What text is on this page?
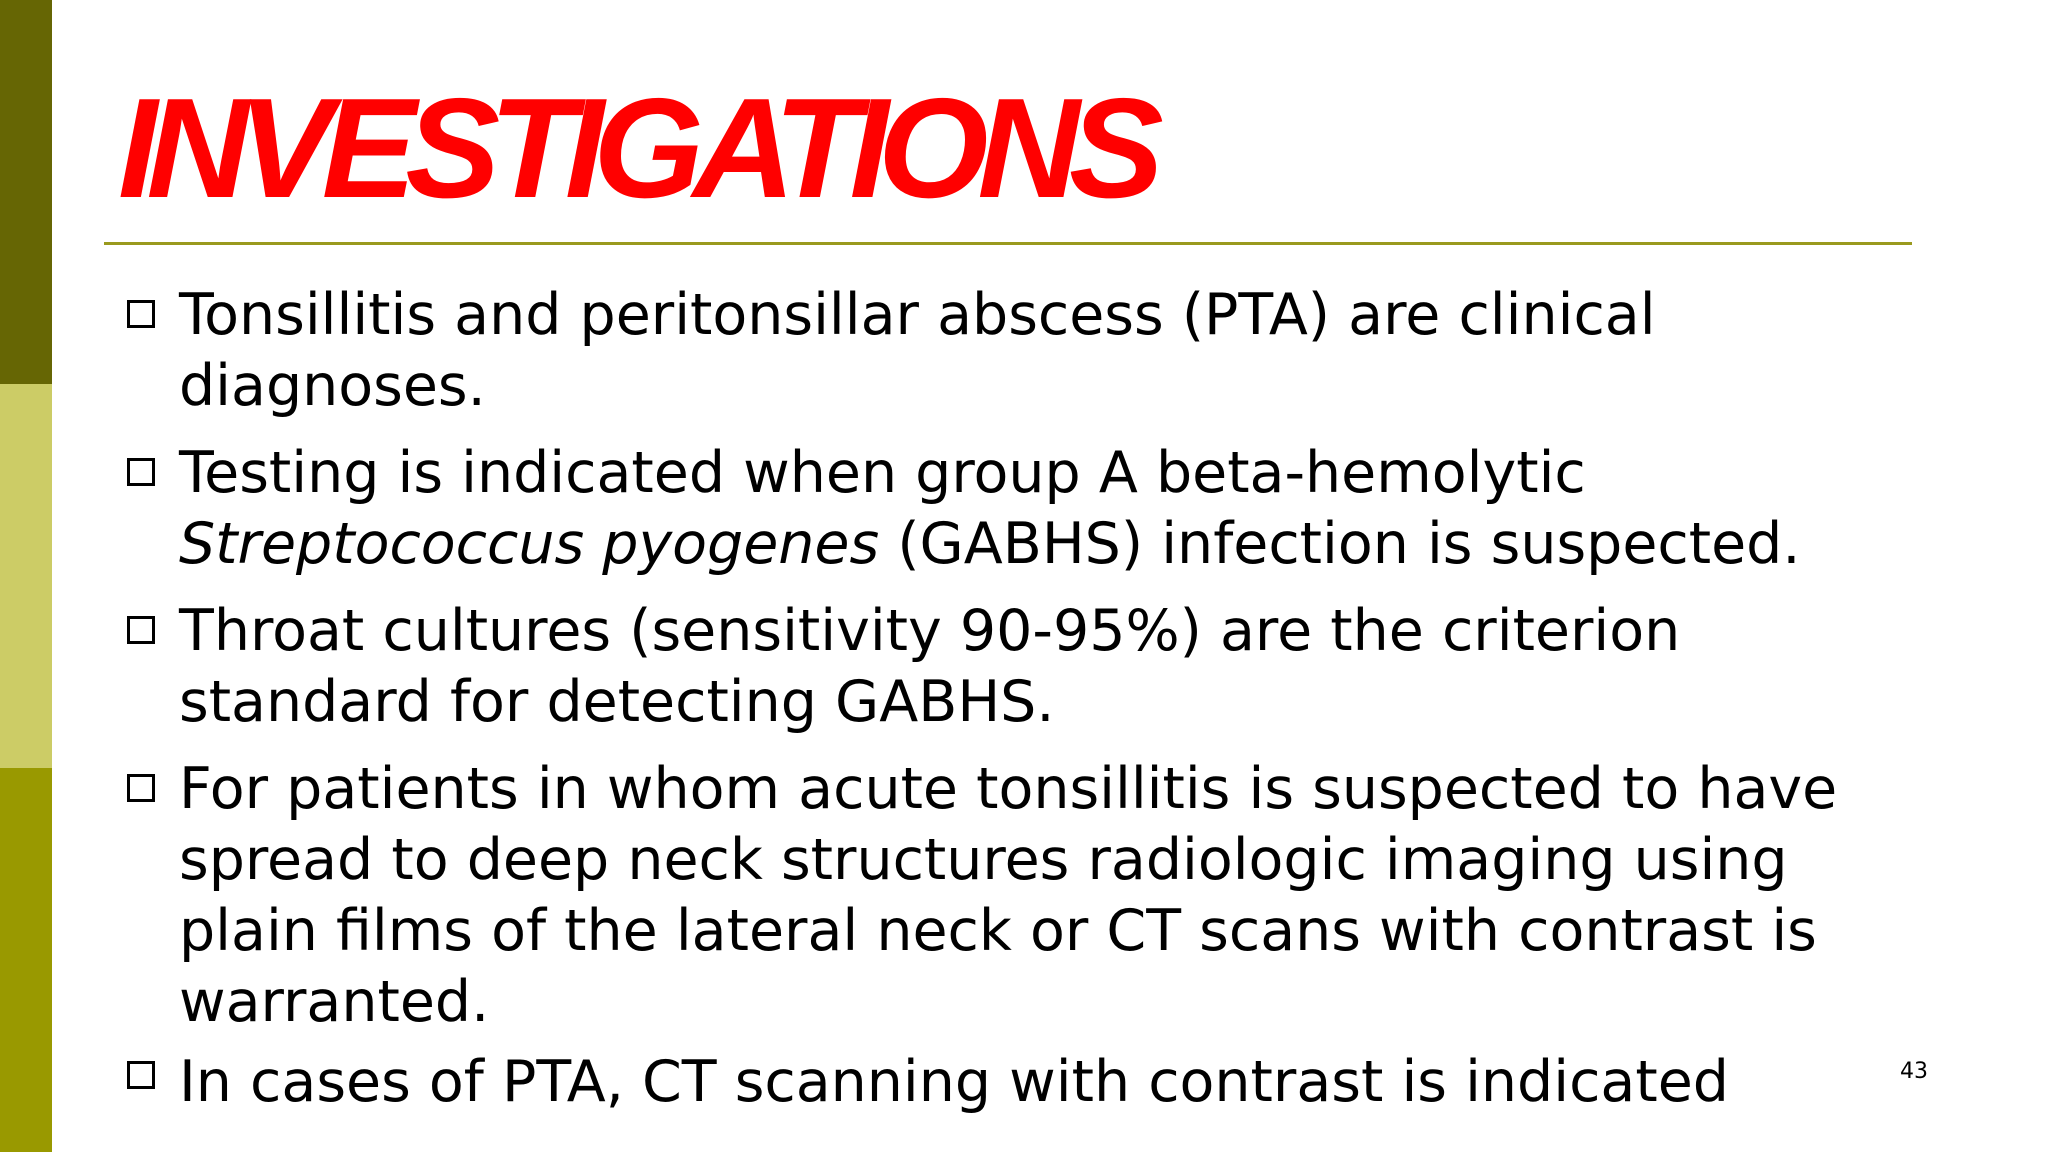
INVESTIGATIONS
Tonsillitis and peritonsillar abscess (PTA) are clinical diagnoses.
Testing is indicated when group A beta-hemolytic
Streptococcus pyogenes (GABHS) infection is suspected.
Throat cultures (sensitivity 90-95%) are the criterion standard for detecting GABHS.
For patients in whom acute tonsillitis is suspected to have spread to deep neck structures radiologic imaging using plain films of the lateral neck or CT scans with contrast is warranted.
In cases of PTA, CT scanning with contrast is indicated	43
